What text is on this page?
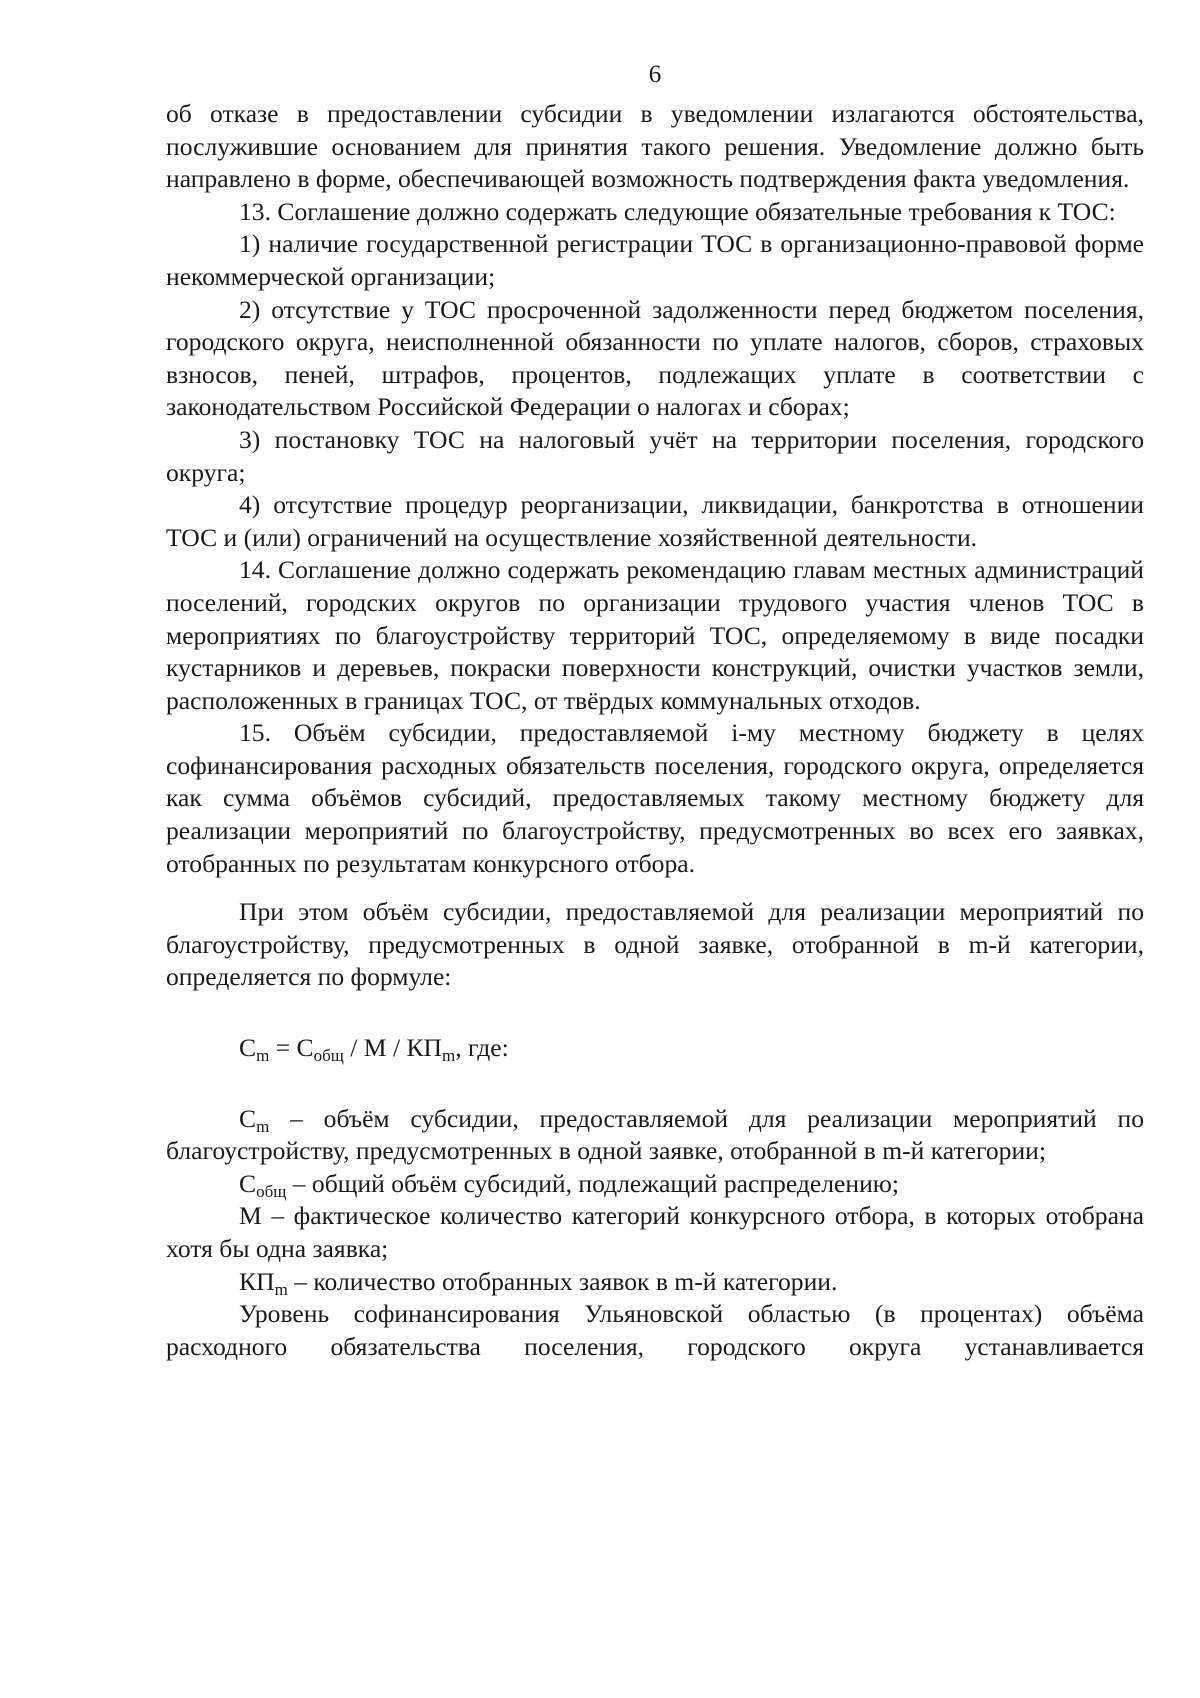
6

об отказе в предоставлении субсидии в уведомлении излагаются обстоятельства, послужившие основанием для принятия такого решения. Уведомление должно быть направлено в форме, обеспечивающей возможность подтверждения факта уведомления.

13. Соглашение должно содержать следующие обязательные требования к ТОС:

1) наличие государственной регистрации ТОС в организационно-правовой форме некоммерческой организации;

2) отсутствие у ТОС просроченной задолженности перед бюджетом поселения, городского округа, неисполненной обязанности по уплате налогов, сборов, страховых взносов, пеней, штрафов, процентов, подлежащих уплате в соответствии с законодательством Российской Федерации о налогах и сборах;

3) постановку ТОС на налоговый учёт на территории поселения, городского округа;

4) отсутствие процедур реорганизации, ликвидации, банкротства в отношении ТОС и (или) ограничений на осуществление хозяйственной деятельности.

14. Соглашение должно содержать рекомендацию главам местных администраций поселений, городских округов по организации трудового участия членов ТОС в мероприятиях по благоустройству территорий ТОС, определяемому в виде посадки кустарников и деревьев, покраски поверхности конструкций, очистки участков земли, расположенных в границах ТОС, от твёрдых коммунальных отходов.

15. Объём субсидии, предоставляемой i-му местному бюджету в целях софинансирования расходных обязательств поселения, городского округа, определяется как сумма объёмов субсидий, предоставляемых такому местному бюджету для реализации мероприятий по благоустройству, предусмотренных во всех его заявках, отобранных по результатам конкурсного отбора.

При этом объём субсидии, предоставляемой для реализации мероприятий по благоустройству, предусмотренных в одной заявке, отобранной в m-й категории, определяется по формуле:

$С_m = С_{общ} / М / КП_m$, где:

$С_m$ – объём субсидии, предоставляемой для реализации мероприятий по благоустройству, предусмотренных в одной заявке, отобранной в m-й категории;

$С_{общ}$ – общий объём субсидий, подлежащий распределению;

М – фактическое количество категорий конкурсного отбора, в которых отобрана хотя бы одна заявка;

$КП_m$ – количество отобранных заявок в m-й категории.

Уровень софинансирования Ульяновской областью (в процентах) объёма расходного обязательства поселения, городского округа устанавливается
